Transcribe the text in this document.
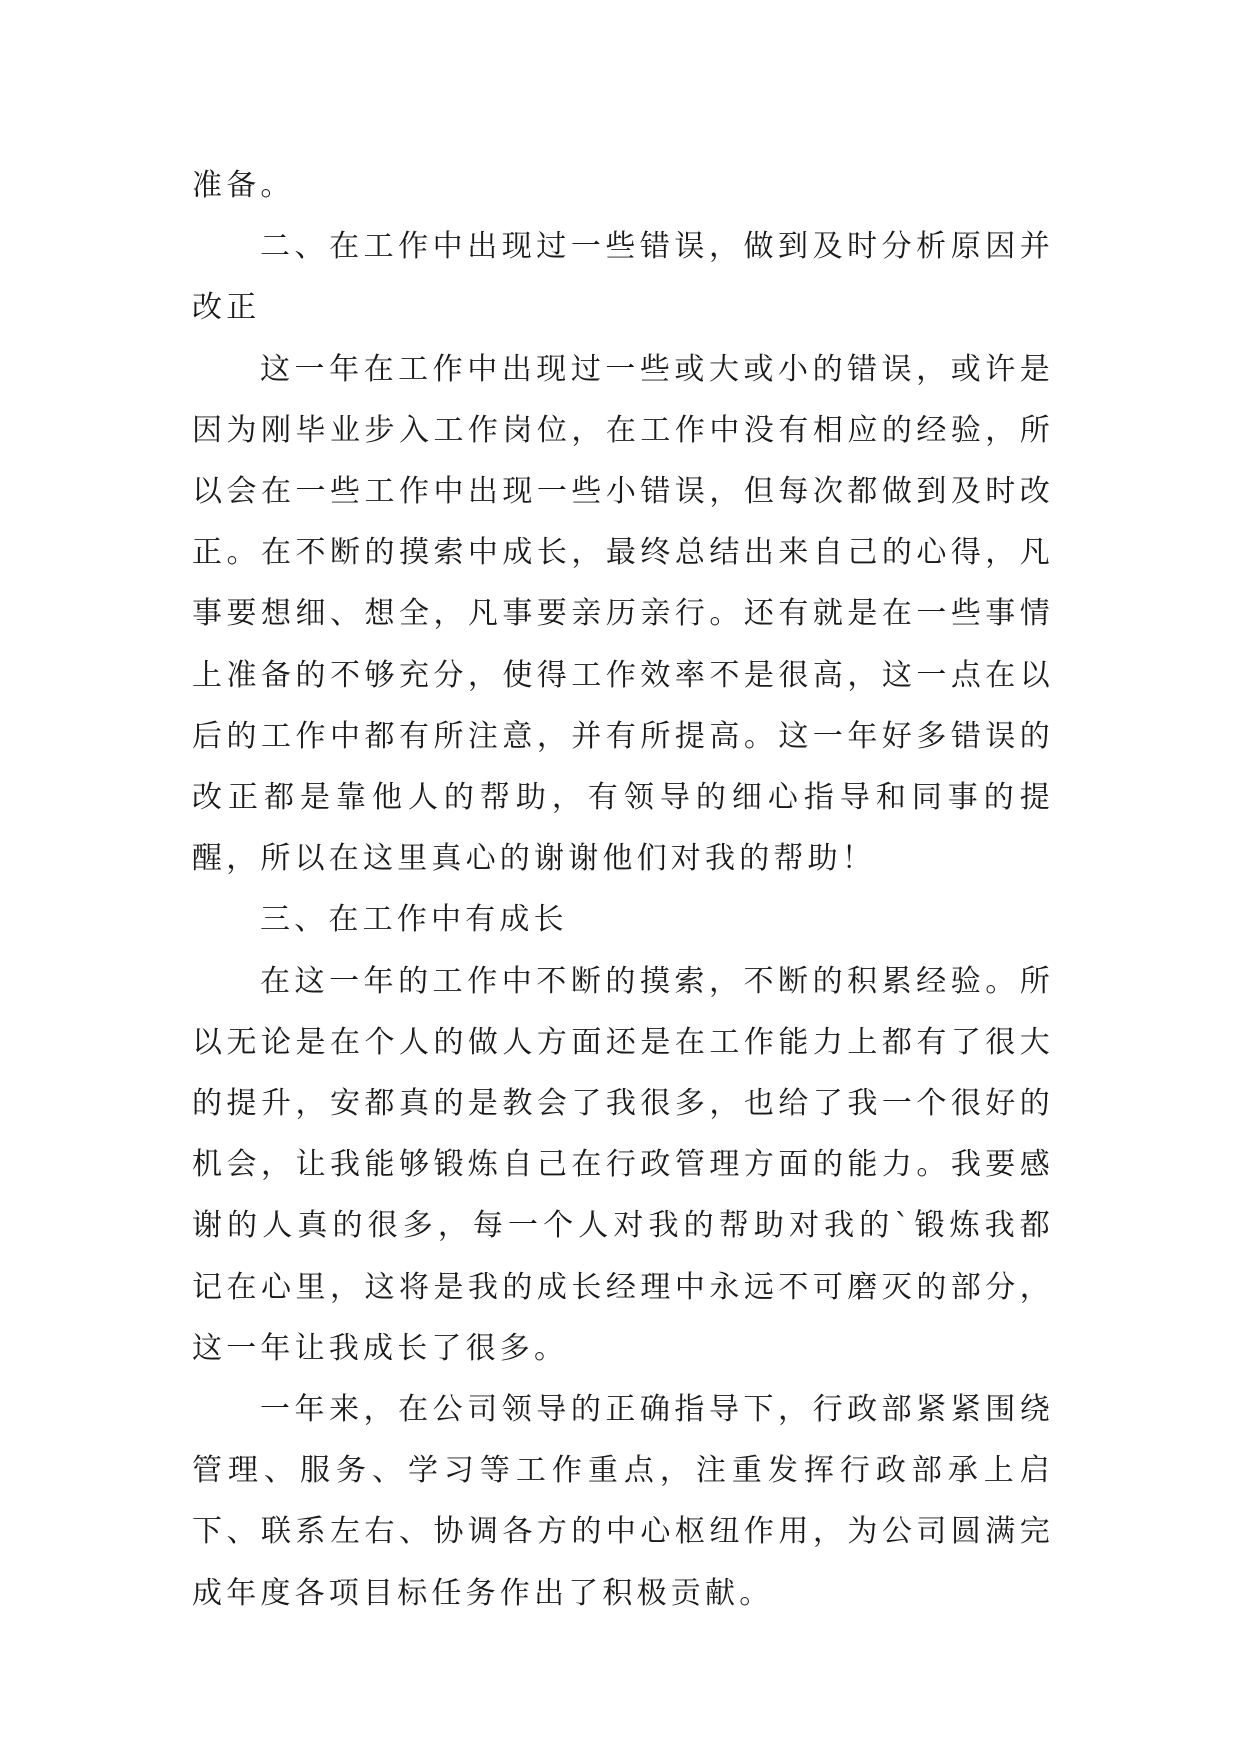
准备。

二、在工作中出现过一些错误，做到及时分析原因并改正

这一年在工作中出现过一些或大或小的错误，或许是因为刚毕业步入工作岗位，在工作中没有相应的经验，所以会在一些工作中出现一些小错误，但每次都做到及时改正。在不断的摸索中成长，最终总结出来自己的心得，凡事要想细、想全，凡事要亲历亲行。还有就是在一些事情上准备的不够充分，使得工作效率不是很高，这一点在以后的工作中都有所注意，并有所提高。这一年好多错误的改正都是靠他人的帮助，有领导的细心指导和同事的提醒，所以在这里真心的谢谢他们对我的帮助！

三、在工作中有成长

在这一年的工作中不断的摸索，不断的积累经验。所以无论是在个人的做人方面还是在工作能力上都有了很大的提升，安都真的是教会了我很多，也给了我一个很好的机会，让我能够锻炼自己在行政管理方面的能力。我要感谢的人真的很多，每一个人对我的帮助对我的`锻炼我都记在心里，这将是我的成长经理中永远不可磨灭的部分，这一年让我成长了很多。

一年来，在公司领导的正确指导下，行政部紧紧围绕管理、服务、学习等工作重点，注重发挥行政部承上启下、联系左右、协调各方的中心枢纽作用，为公司圆满完成年度各项目标任务作出了积极贡献。
